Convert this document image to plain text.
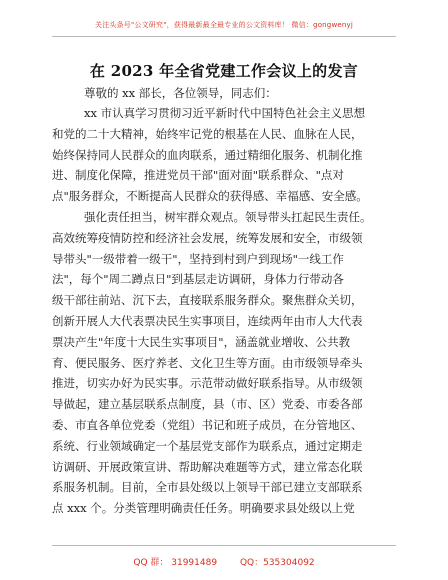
关注头条号"公文研究"，获得最新最全最专业的公文资料库！ 微信：gongwenyj
在 2023 年全省党建工作会议上的发言
尊敬的 xx 部长，各位领导，同志们：
xx 市认真学习贯彻习近平新时代中国特色社会主义思想
和党的二十大精神，始终牢记党的根基在人民、血脉在人民，
始终保持同人民群众的血肉联系，通过精细化服务、机制化推
进、制度化保障，推进党员干部"面对面"联系群众、"点对
点"服务群众，不断提高人民群众的获得感、幸福感、安全感。
强化责任担当，树牢群众观点。领导带头扛起民生责任。
高效统筹疫情防控和经济社会发展，统筹发展和安全，市级领
导带头"一级带着一级干"，坚持到村到户到现场"一线工作
法"，每个"周二蹲点日"到基层走访调研，身体力行带动各
级干部往前站、沉下去，直接联系服务群众。聚焦群众关切，
创新开展人大代表票决民生实事项目，连续两年由市人大代表
票决产生"年度十大民生实事项目"，涵盖就业增收、公共教
育、便民服务、医疗养老、文化卫生等方面。由市级领导牵头
推进，切实办好为民实事。示范带动做好联系指导。从市级领
导做起，建立基层联系点制度，县（市、区）党委、市委各部
委、市直各单位党委（党组）书记和班子成员，在分管地区、
系统、行业领域确定一个基层党支部作为联系点，通过定期走
访调研、开展政策宣讲、帮助解决难题等方式，建立常态化联
系服务机制。目前，全市县处级以上领导干部已建立支部联系
点 xxx 个。分类管理明确责任任务。明确要求县处级以上党
QQ 群： 31991489	QQ：535304092
